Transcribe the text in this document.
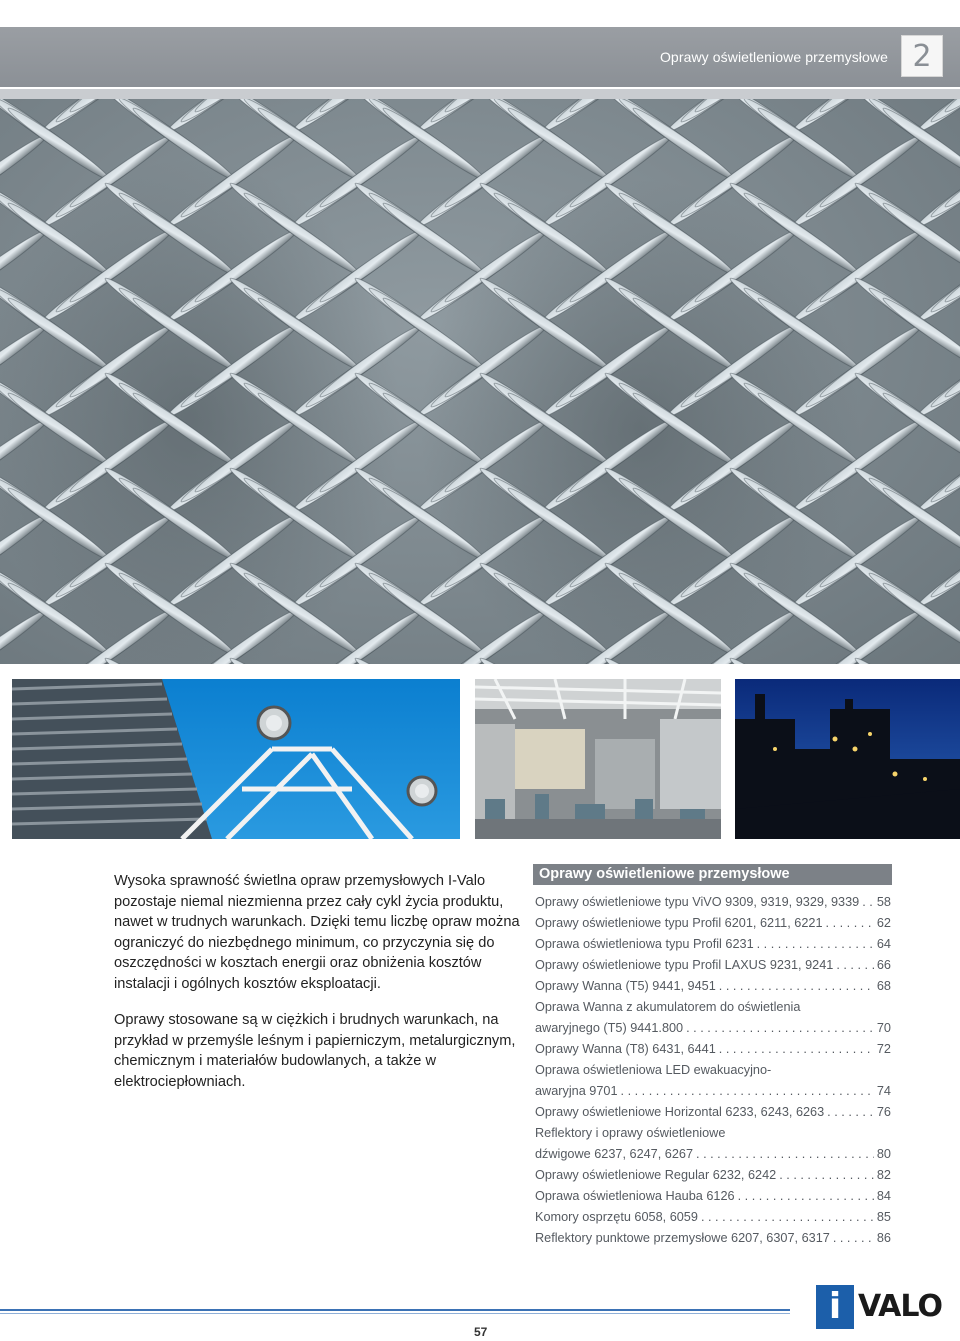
Oprawy oświetleniowe przemysłowe 2

Wysoka sprawność świetlna opraw przemysłowych I-Valo pozostaje niemal niezmienna przez cały cykl życia produktu, nawet w trudnych warunkach. Dzięki temu liczbę opraw można ograniczyć do niezbędnego minimum, co przyczynia się do oszczędności w kosztach energii oraz obniżenia kosztów instalacji i ogólnych kosztów eksploatacji.

Oprawy stosowane są w ciężkich i brudnych warunkach, na przykład w przemyśle leśnym i papierniczym, metalurgicznym, chemicznym i materiałów budowlanych, a także w elektrociepłowniach.

Oprawy oświetleniowe przemysłowe
Oprawy oświetleniowe typu ViVO 9309, 9319, 9329, 9339 . . . 58
Oprawy oświetleniowe typu Profil 6201, 6211, 6221 . . .	62
Oprawa oświetleniowa typu Profil 6231 . . .	64
Oprawy oświetleniowe typu Profil LAXUS 9231, 9241 . . .	66
Oprawy Wanna (T5) 9441, 9451 . . .	68
Oprawa Wanna z akumulatorem do oświetlenia
awaryjnego (T5) 9441.800 . . .	70
Oprawy Wanna (T8) 6431, 6441 . . .	72
Oprawa oświetleniowa LED ewakuacyjno-
awaryjna 9701 . . .	74
Oprawy oświetleniowe Horizontal 6233, 6243, 6263 . . .	76
Reflektory i oprawy oświetleniowe
dźwigowe 6237, 6247, 6267 . . .	80
Oprawy oświetleniowe Regular 6232, 6242 . . .	82
Oprawa oświetleniowa Hauba 6126 . . .	84
Komory osprzętu 6058, 6059 . . .	85
Reflektory punktowe przemysłowe 6207, 6307, 6317 . . .	86
57
i VALO
